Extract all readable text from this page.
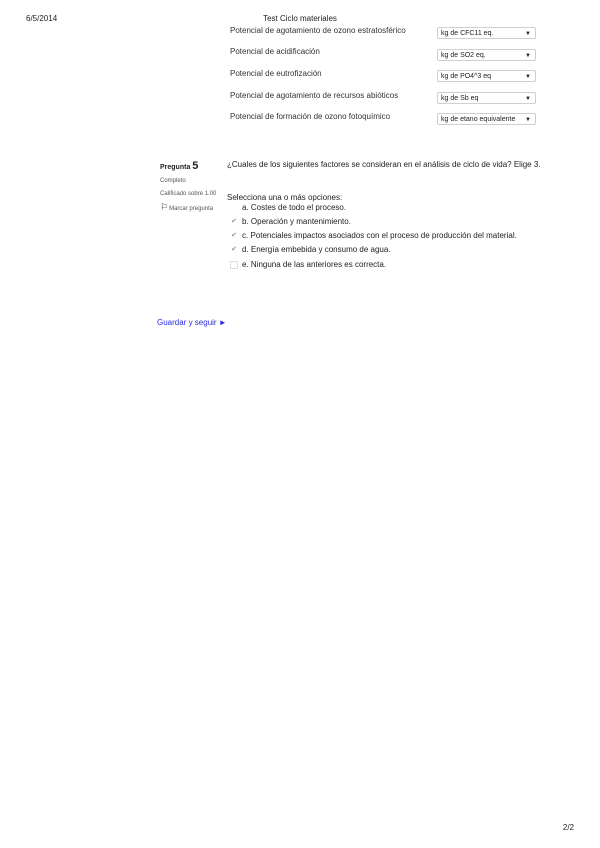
6/5/2014	Test Ciclo materiales
Potencial de agotamiento de ozono estratosférico	kg de CFC11 eq.	▼
Potencial de acidificación	kg de SO2 eq.	▼
Potencial de eutrofización	kg de PO4^3 eq	▼
Potencial de agotamiento de recursos abióticos	kg de Sb eq	▼
Potencial de formación de ozono fotoquímico	kg de etano equivalente ▼
Pregunta 5
Completo
Calificado sobre 1.00
⚐Marcar pregunta
¿Cuales de los siguientes factores se consideran en el análisis de ciclo de vida? Elige 3.
Selecciona una o más opciones:
a. Costes de todo el proceso.
✔ b. Operación y mantenimiento.
✔ c. Potenciales impactos asociados con el proceso de producción del material.
✔ d. Energía embebida y consumo de agua.
e. Ninguna de las anteriores es correcta.
Guardar y seguir ►
2/2
